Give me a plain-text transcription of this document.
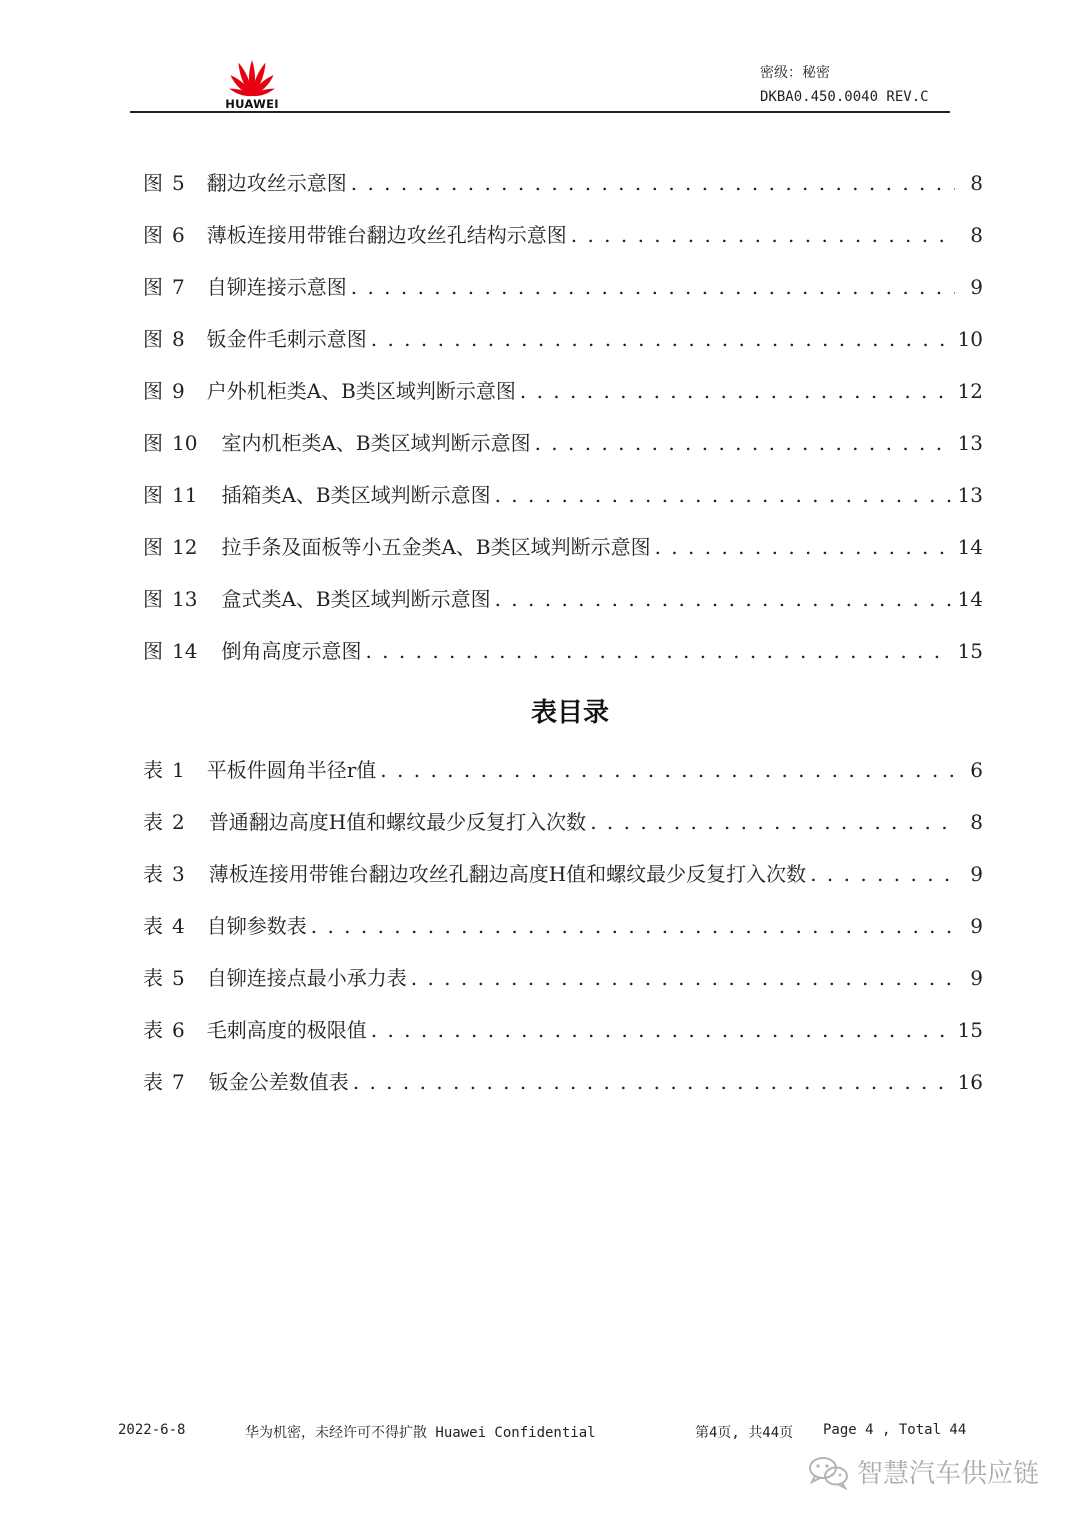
HUAWEI
密级：秘密
DKBA0.450.0040 REV.C
图 5 翻边攻丝示意图 . . .	8
图 6 薄板连接用带锥台翻边攻丝孔结构示意图 . . .	8
图 7 自铆连接示意图 . . .	9
图 8 钣金件毛刺示意图 . . .	10
图 9 户外机柜类A、B类区域判断示意图 . . .	12
图 10 室内机柜类A、B类区域判断示意图 . . .	13
图 11 插箱类A、B类区域判断示意图 . . .	13
图 12 拉手条及面板等小五金类A、B类区域判断示意图 . . .	14
图 13 盒式类A、B类区域判断示意图 . . .	14
图 14 倒角高度示意图 . . .	15
表目录
表 1 平板件圆角半径r值 . . .	6
表 2 普通翻边高度H值和螺纹最少反复打入次数 . . .	8
表 3 薄板连接用带锥台翻边攻丝孔翻边高度H值和螺纹最少反复打入次数 . . .	9
表 4 自铆参数表 . . .	9
表 5 自铆连接点最小承力表 . . .	9
表 6 毛刺高度的极限值 . . .	15
表 7 钣金公差数值表 . . .	16
2022-6-8	华为机密，未经许可不得扩散 Huawei Confidential	第4页, 共44页 Page 4 , Total 44
智慧汽车供应链
